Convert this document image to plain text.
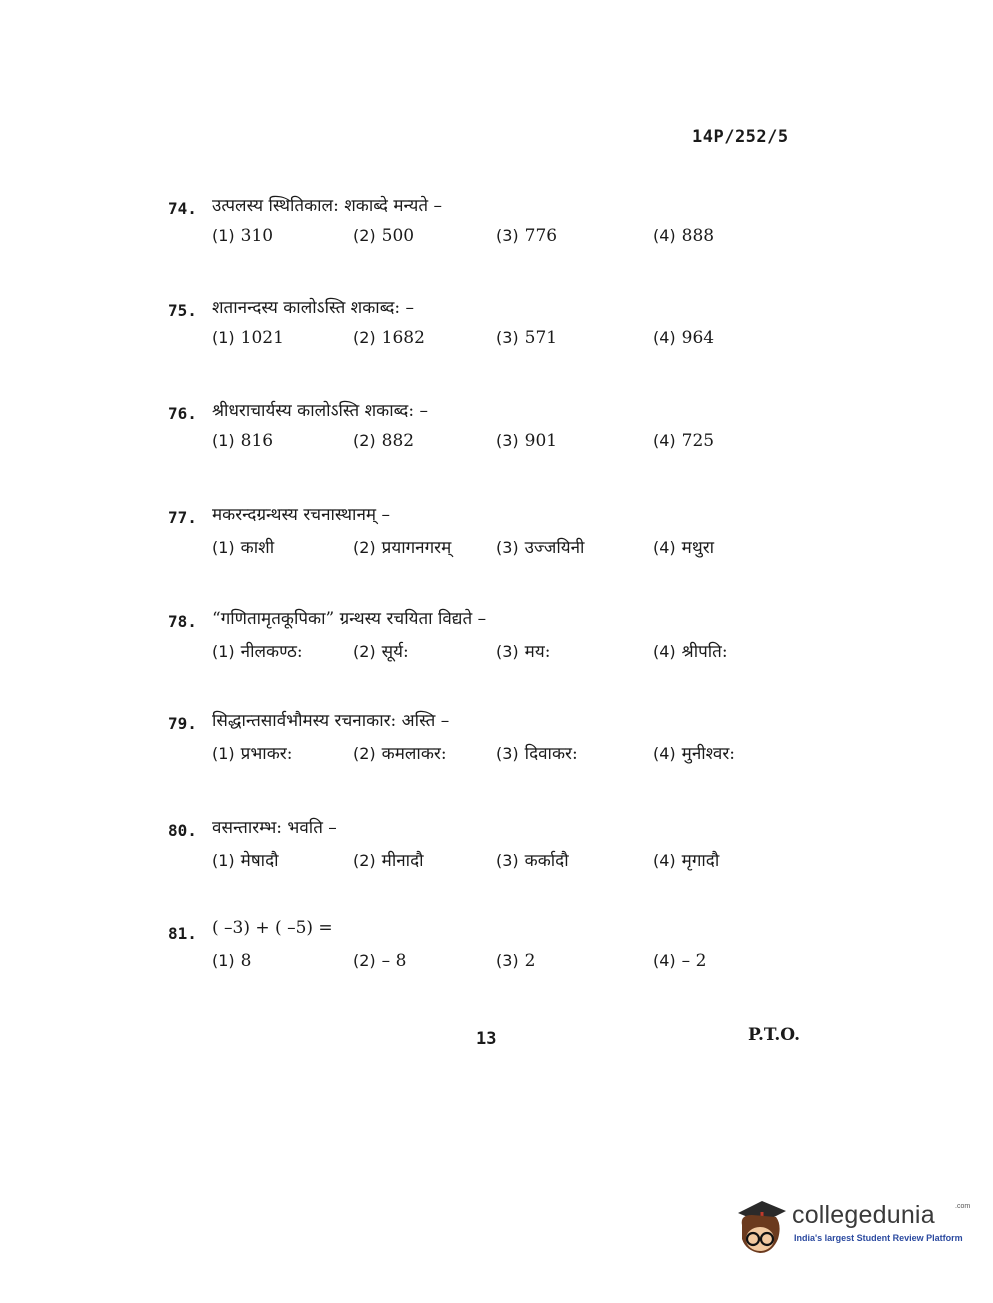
14P/252/5
74. उत्पलस्य स्थितिकाल: शकाब्दे मन्यते –
(1) 310	(2) 500	(3) 776	(4) 888
75. शतानन्दस्य कालोऽस्ति शकाब्द: –
(1) 1021	(2) 1682	(3) 571	(4) 964
76. श्रीधराचार्यस्य कालोऽस्ति शकाब्द: –
(1) 816	(2) 882	(3) 901	(4) 725
77. मकरन्दग्रन्थस्य रचनास्थानम् –
(1) काशी	(2) प्रयागनगरम्	(3) उज्जयिनी	(4) मथुरा
78. “गणितामृतकूपिका” ग्रन्थस्य रचयिता विद्यते –
(1) नीलकण्ठ:	(2) सूर्य:	(3) मय:	(4) श्रीपति:
79. सिद्धान्तसार्वभौमस्य रचनाकार: अस्ति –
(1) प्रभाकर:	(2) कमलाकर:	(3) दिवाकर:	(4) मुनीश्वर:
80. वसन्तारम्भ: भवति –
(1) मेषादौ	(2) मीनादौ	(3) कर्कादौ	(4) मृगादौ
81. ( –3) + ( –5) =
(1) 8	(2) – 8	(3) 2	(4) – 2
13	P.T.O.
collegedunia	.com
India's largest Student Review Platform
